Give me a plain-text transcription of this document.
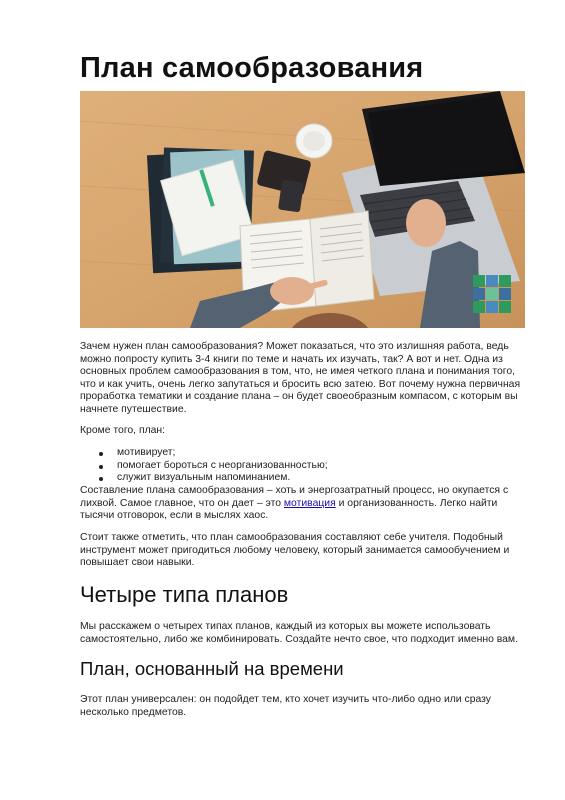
План самообразования

Зачем нужен план самообразования? Может показаться, что это излишняя работа, ведь можно попросту купить 3-4 книги по теме и начать их изучать, так? А вот и нет. Одна из основных проблем самообразования в том, что, не имея четкого плана и понимания того, что и как учить, очень легко запутаться и бросить всю затею. Вот почему нужна первичная проработка тематики и создание плана – он будет своеобразным компасом, с которым вы начнете путешествие.

Кроме того, план:

мотивирует;
помогает бороться с неорганизованностью;
служит визуальным напоминанием.

Составление плана самообразования – хоть и энергозатратный процесс, но окупается с лихвой. Самое главное, что он дает – это мотивация и организованность. Легко найти тысячи отговорок, если в мыслях хаос.

Стоит также отметить, что план самообразования составляют себе учителя. Подобный инструмент может пригодиться любому человеку, который занимается самообучением и повышает свои навыки.

Четыре типа планов

Мы расскажем о четырех типах планов, каждый из которых вы можете использовать самостоятельно, либо же комбинировать. Создайте нечто свое, что подходит именно вам.

План, основанный на времени

Этот план универсален: он подойдет тем, кто хочет изучить что-либо одно или сразу несколько предметов.
